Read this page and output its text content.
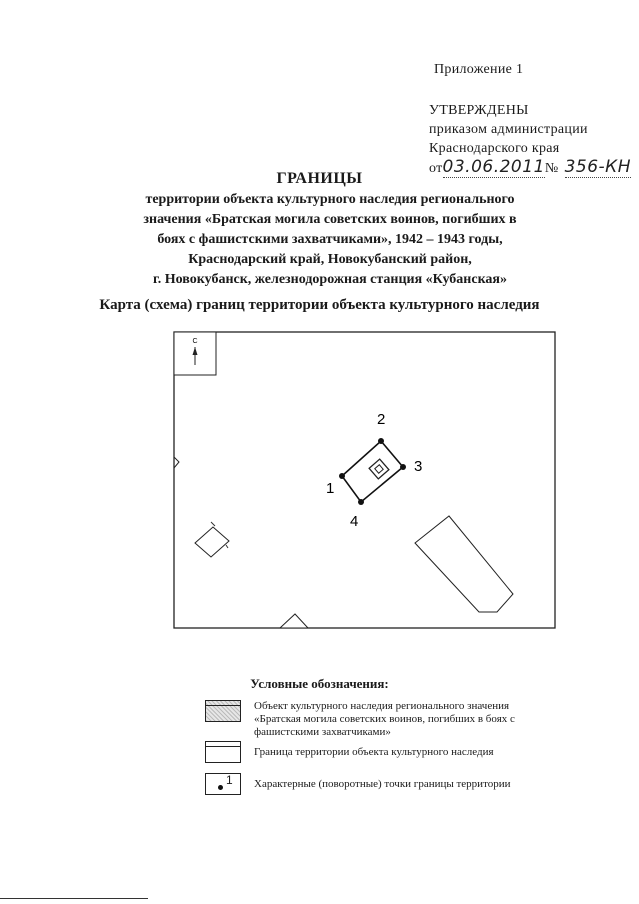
Приложение 1
УТВЕРЖДЕНЫ
приказом администрации
Краснодарского края
от03.06.2011№ 356-КН
ГРАНИЦЫ
территории объекта культурного наследия регионального
значения «Братская могила советских воинов, погибших в
боях с фашистскими захватчиками», 1942 – 1943 годы,
Краснодарский край, Новокубанский район,
г. Новокубанск, железнодорожная станция «Кубанская»
Карта (схема) границ территории объекта культурного наследия
С
1
2
3
4
Условные обозначения:
Объект культурного наследия регионального значения
«Братская могила советских воинов, погибших в боях с
фашистскими захватчиками»
Граница территории объекта культурного наследия
1 Характерные (поворотные) точки границы территории
